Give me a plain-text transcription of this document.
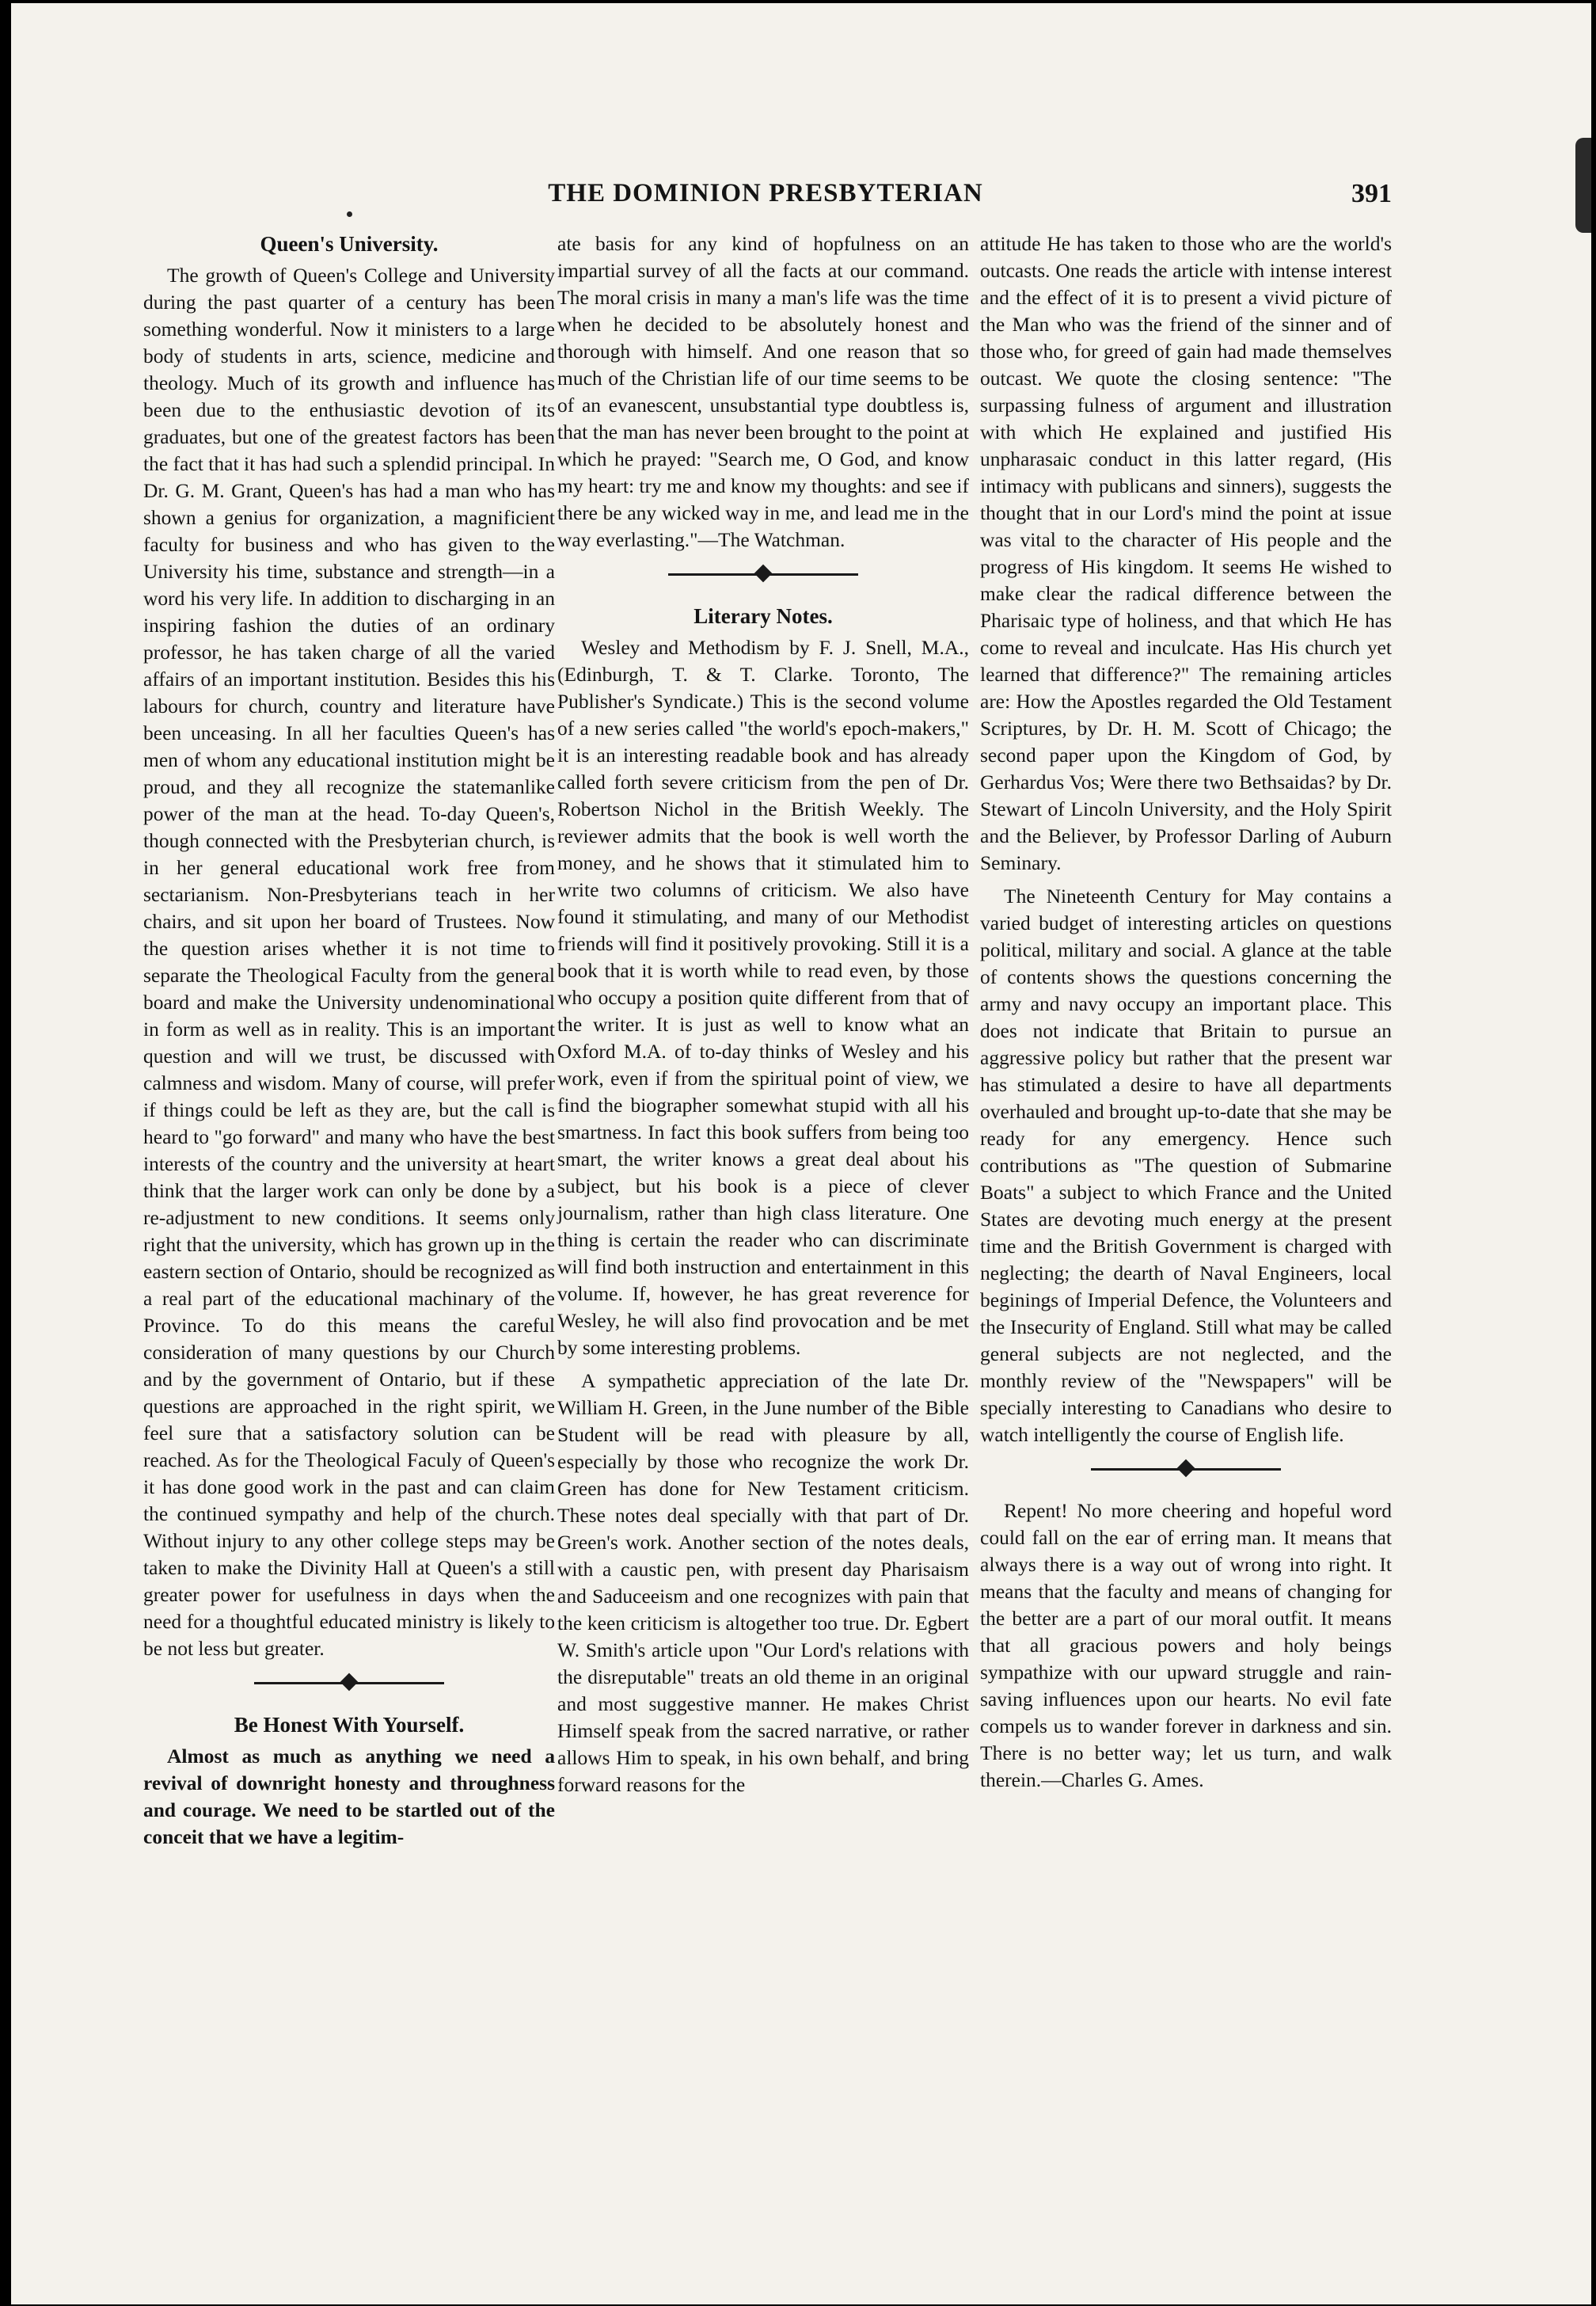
THE DOMINION PRESBYTERIAN	391
Queen's University.

The growth of Queen's College and University during the past quarter of a century has been something wonderful. Now it ministers to a large body of students in arts, science, medicine and theology. Much of its growth and influence has been due to the enthusiastic devotion of its graduates, but one of the greatest factors has been the fact that it has had such a splendid principal. In Dr. G. M. Grant, Queen's has had a man who has shown a genius for organization, a magnificient faculty for business and who has given to the University his time, substance and strength—in a word his very life. In addition to discharging in an inspiring fashion the duties of an ordinary professor, he has taken charge of all the varied affairs of an important institution. Besides this his labours for church, country and literature have been unceasing. In all her faculties Queen's has men of whom any educational institution might be proud, and they all recognize the statemanlike power of the man at the head. To-day Queen's, though connected with the Presbyterian church, is in her general educational work free from sectarianism. Non-Presbyterians teach in her chairs, and sit upon her board of Trustees. Now the question arises whether it is not time to separate the Theological Faculty from the general board and make the University undenominational in form as well as in reality. This is an important question and will we trust, be discussed with calmness and wisdom. Many of course, will prefer if things could be left as they are, but the call is heard to "go forward" and many who have the best interests of the country and the university at heart think that the larger work can only be done by a re-adjustment to new conditions. It seems only right that the university, which has grown up in the eastern section of Ontario, should be recognized as a real part of the educational machinary of the Province. To do this means the careful consideration of many questions by our Church and by the government of Ontario, but if these questions are approached in the right spirit, we feel sure that a satisfactory solution can be reached. As for the Theological Faculy of Queen's it has done good work in the past and can claim the continued sympathy and help of the church. Without injury to any other college steps may be taken to make the Divinity Hall at Queen's a still greater power for usefulness in days when the need for a thoughtful educated ministry is likely to be not less but greater.

Be Honest With Yourself.

Almost as much as anything we need a revival of downright honesty and throughness and courage. We need to be startled out of the conceit that we have a legitim-

ate basis for any kind of hopfulness on an impartial survey of all the facts at our command. The moral crisis in many a man's life was the time when he decided to be absolutely honest and thorough with himself. And one reason that so much of the Christian life of our time seems to be of an evanescent, unsubstantial type doubtless is, that the man has never been brought to the point at which he prayed: "Search me, O God, and know my heart: try me and know my thoughts: and see if there be any wicked way in me, and lead me in the way everlasting."—The Watchman.

Literary Notes.

Wesley and Methodism by F. J. Snell, M.A., (Edinburgh, T. & T. Clarke. Toronto, The Publisher's Syndicate.) This is the second volume of a new series called "the world's epoch-makers," it is an interesting readable book and has already called forth severe criticism from the pen of Dr. Robertson Nichol in the British Weekly. The reviewer admits that the book is well worth the money, and he shows that it stimulated him to write two columns of criticism. We also have found it stimulating, and many of our Methodist friends will find it positively provoking. Still it is a book that it is worth while to read even, by those who occupy a position quite different from that of the writer. It is just as well to know what an Oxford M.A. of to-day thinks of Wesley and his work, even if from the spiritual point of view, we find the biographer somewhat stupid with all his smartness. In fact this book suffers from being too smart, the writer knows a great deal about his subject, but his book is a piece of clever journalism, rather than high class literature. One thing is certain the reader who can discriminate will find both instruction and entertainment in this volume. If, however, he has great reverence for Wesley, he will also find provocation and be met by some interesting problems.

A sympathetic appreciation of the late Dr. William H. Green, in the June number of the Bible Student will be read with pleasure by all, especially by those who recognize the work Dr. Green has done for New Testament criticism. These notes deal specially with that part of Dr. Green's work. Another section of the notes deals, with a caustic pen, with present day Pharisaism and Saduceeism and one recognizes with pain that the keen criticism is altogether too true. Dr. Egbert W. Smith's article upon "Our Lord's relations with the disreputable" treats an old theme in an original and most suggestive manner. He makes Christ Himself speak from the sacred narrative, or rather allows Him to speak, in his own behalf, and bring forward reasons for the

attitude He has taken to those who are the world's outcasts. One reads the article with intense interest and the effect of it is to present a vivid picture of the Man who was the friend of the sinner and of those who, for greed of gain had made themselves outcast. We quote the closing sentence: "The surpassing fulness of argument and illustration with which He explained and justified His unpharasaic conduct in this latter regard, (His intimacy with publicans and sinners), suggests the thought that in our Lord's mind the point at issue was vital to the character of His people and the progress of His kingdom. It seems He wished to make clear the radical difference between the Pharisaic type of holiness, and that which He has come to reveal and inculcate. Has His church yet learned that difference?" The remaining articles are: How the Apostles regarded the Old Testament Scriptures, by Dr. H. M. Scott of Chicago; the second paper upon the Kingdom of God, by Gerhardus Vos; Were there two Bethsaidas? by Dr. Stewart of Lincoln University, and the Holy Spirit and the Believer, by Professor Darling of Auburn Seminary.

The Nineteenth Century for May contains a varied budget of interesting articles on questions political, military and social. A glance at the table of contents shows the questions concerning the army and navy occupy an important place. This does not indicate that Britain to pursue an aggressive policy but rather that the present war has stimulated a desire to have all departments overhauled and brought up-to-date that she may be ready for any emergency. Hence such contributions as "The question of Submarine Boats" a subject to which France and the United States are devoting much energy at the present time and the British Government is charged with neglecting; the dearth of Naval Engineers, local beginings of Imperial Defence, the Volunteers and the Insecurity of England. Still what may be called general subjects are not neglected, and the monthly review of the "Newspapers" will be specially interesting to Canadians who desire to watch intelligently the course of English life.

Repent! No more cheering and hopeful word could fall on the ear of erring man. It means that always there is a way out of wrong into right. It means that the faculty and means of changing for the better are a part of our moral outfit. It means that all gracious powers and holy beings sympathize with our upward struggle and rain-saving influences upon our hearts. No evil fate compels us to wander forever in darkness and sin. There is no better way; let us turn, and walk therein.—Charles G. Ames.
